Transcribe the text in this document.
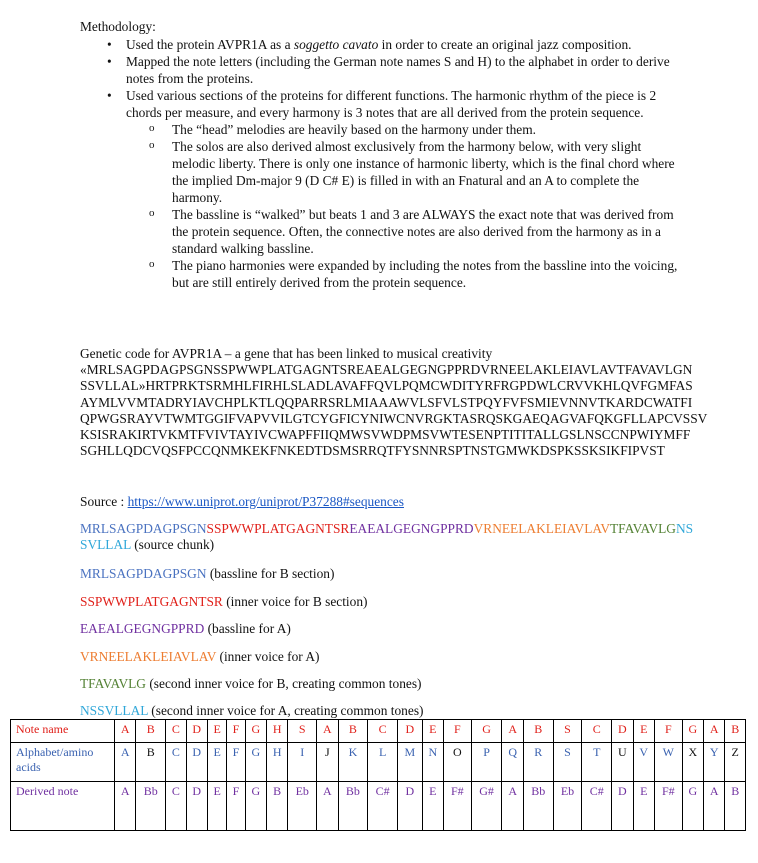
Methodology:
• Used the protein AVPR1A as a soggetto cavato in order to create an original jazz composition.
• Mapped the note letters (including the German note names S and H) to the alphabet in order to derive notes from the proteins.
• Used various sections of the proteins for different functions. The harmonic rhythm of the piece is 2 chords per measure, and every harmony is 3 notes that are all derived from the protein sequence.
o The “head” melodies are heavily based on the harmony under them.
o The solos are also derived almost exclusively from the harmony below, with very slight melodic liberty. There is only one instance of harmonic liberty, which is the final chord where the implied Dm-major 9 (D C# E) is filled in with an Fnatural and an A to complete the harmony.
o The bassline is “walked” but beats 1 and 3 are ALWAYS the exact note that was derived from the protein sequence. Often, the connective notes are also derived from the harmony as in a standard walking bassline.
o The piano harmonies were expanded by including the notes from the bassline into the voicing, but are still entirely derived from the protein sequence.
Genetic code for AVPR1A – a gene that has been linked to musical creativity
«MRLSAGPDAGPSGNSSPWWPLATGAGNTSREAEALGEGNGPPRDVRNEELAKLEIAVLAVTFAVAVLGN
SSVLLAL»HRTPRKTSRMHLFIRHLSLADLAVAFFQVLPQMCWDITYRFRGPDWLCRVVKHLQVFGMFAS
AYMLVVMTADRYIAVCHPLKTLQQPARRSRLMIAAAWVLSFVLSTPQYFVFSMIEVNNVTKARDCWATFI
QPWGSRAYVTWMTGGIFVAPVVILGTCYGFICYNIWCNVRGKTASRQSKGAEQAGVAFQKGFLLAPCVSSV
KSISRAKIRTVKMTFVIVTAYIVCWAPFFIIQMWSVWDPMSVWTESENPTITITALLGSLNSCCNPWIYMFF
SGHLLQDCVQSFPCCQNMKEKFNKEDTDSMSRRQTFYSNNRSPTNSTGMWKDSPKSSKSIKFIPVST
Source : https://www.uniprot.org/uniprot/P37288#sequences
MRLSAGPDAGPSGNSSPWWPLATGAGNTSREAEALGEGNGPPRDVRNEELAKLEIAVLAVTFAVAVLGNS
SVLLAL (source chunk)
MRLSAGPDAGPSGN (bassline for B section)
SSPWWPLATGAGNTSR (inner voice for B section)
EAEALGEGNGPPRD (bassline for A)
VRNEELAKLEIAVLAV (inner voice for A)
TFAVAVLG (second inner voice for B, creating common tones)
NSSVLLAL (second inner voice for A, creating common tones)
Note name	A	B	C	D	E	F	G	H	S	A	B	C	D	E	F	G	A	B	S	C	D	E	F	G	A	B
Alphabet/amino acids	A	B	C	D	E	F	G	H	I	J	K	L	M	N	O	P	Q	R	S	T	U	V	W	X	Y	Z
Derived note	A	Bb	C	D	E	F	G	B	Eb	A	Bb	C#	D	E	F#	G#	A	Bb	Eb	C#	D	E	F#	G	A	B
